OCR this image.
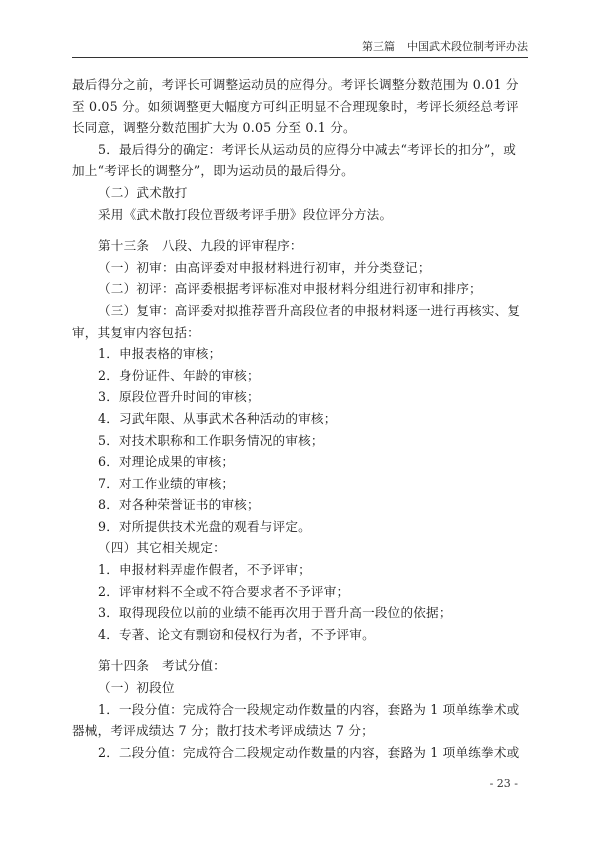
第三篇 中国武术段位制考评办法

最后得分之前，考评长可调整运动员的应得分。考评长调整分数范围为 0.01 分

至 0.05 分。如须调整更大幅度方可纠正明显不合理现象时，考评长须经总考评

长同意，调整分数范围扩大为 0.05 分至 0.1 分。

5．最后得分的确定：考评长从运动员的应得分中减去“考评长的扣分”，或

加上“考评长的调整分”，即为运动员的最后得分。

（二）武术散打

采用《武术散打段位晋级考评手册》段位评分方法。

第十三条　八段、九段的评审程序：

（一）初审：由高评委对申报材料进行初审，并分类登记；

（二）初评：高评委根据考评标准对申报材料分组进行初审和排序；

（三）复审：高评委对拟推荐晋升高段位者的申报材料逐一进行再核实、复

审，其复审内容包括：

1．申报表格的审核；

2．身份证件、年龄的审核；

3．原段位晋升时间的审核；

4．习武年限、从事武术各种活动的审核；

5．对技术职称和工作职务情况的审核；

6．对理论成果的审核；

7．对工作业绩的审核；

8．对各种荣誉证书的审核；

9．对所提供技术光盘的观看与评定。

（四）其它相关规定：

1．申报材料弄虚作假者，不予评审；

2．评审材料不全或不符合要求者不予评审；

3．取得现段位以前的业绩不能再次用于晋升高一段位的依据；

4．专著、论文有剽窃和侵权行为者，不予评审。

第十四条　考试分值：

（一）初段位

1．一段分值：完成符合一段规定动作数量的内容，套路为 1 项单练拳术或

器械，考评成绩达 7 分；散打技术考评成绩达 7 分；

2．二段分值：完成符合二段规定动作数量的内容，套路为 1 项单练拳术或

- 23 -
